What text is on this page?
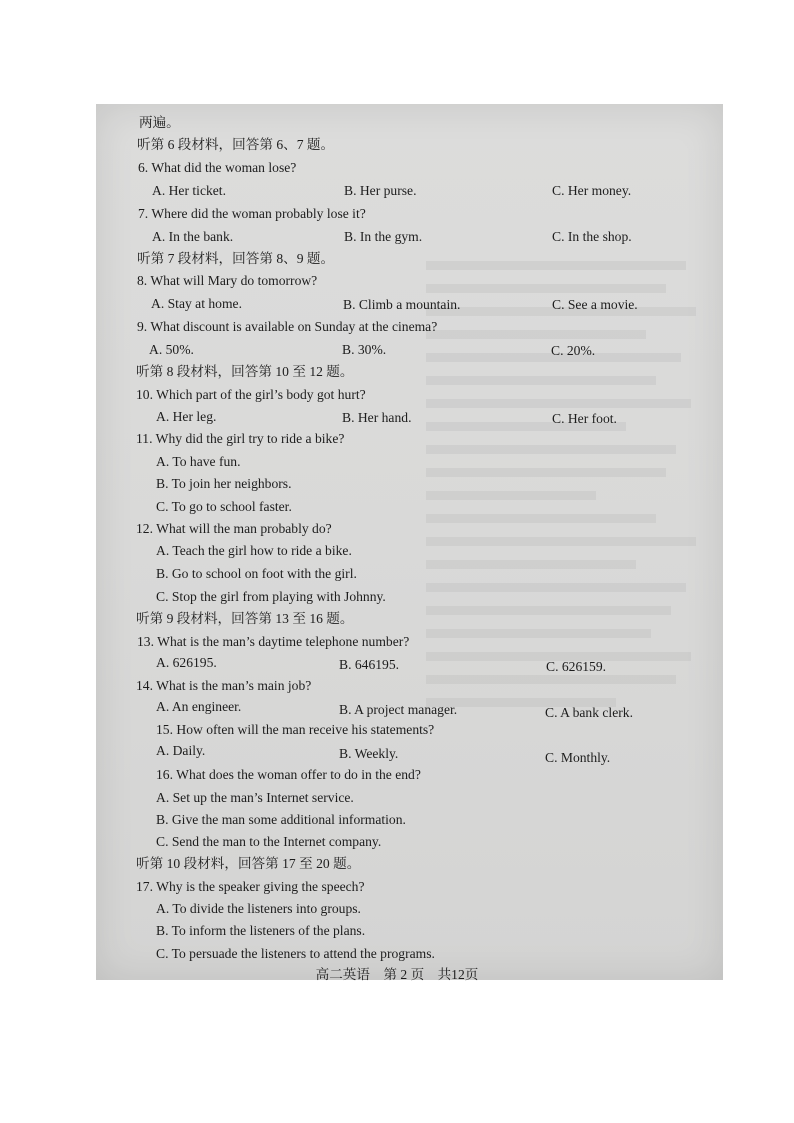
两遍。
听第 6 段材料，回答第 6、7 题。
6. What did the woman lose?
A. Her ticket.	B. Her purse.	C. Her money.
7. Where did the woman probably lose it?
A. In the bank.	B. In the gym.	C. In the shop.
听第 7 段材料，回答第 8、9 题。
8. What will Mary do tomorrow?
A. Stay at home.	B. Climb a mountain.	C. See a movie.
9. What discount is available on Sunday at the cinema?
A. 50%.	B. 30%.	C. 20%.
听第 8 段材料，回答第 10 至 12 题。
10. Which part of the girl’s body got hurt?
A. Her leg.	B. Her hand.	C. Her foot.
11. Why did the girl try to ride a bike?
A. To have fun.
B. To join her neighbors.
C. To go to school faster.
12. What will the man probably do?
A. Teach the girl how to ride a bike.
B. Go to school on foot with the girl.
C. Stop the girl from playing with Johnny.
听第 9 段材料，回答第 13 至 16 题。
13. What is the man’s daytime telephone number?
A. 626195.	B. 646195.	C. 626159.
14. What is the man’s main job?
A. An engineer.	B. A project manager.	C. A bank clerk.
15. How often will the man receive his statements?
A. Daily.	B. Weekly.	C. Monthly.
16. What does the woman offer to do in the end?
A. Set up the man’s Internet service.
B. Give the man some additional information.
C. Send the man to the Internet company.
听第 10 段材料，回答第 17 至 20 题。
17. Why is the speaker giving the speech?
A. To divide the listeners into groups.
B. To inform the listeners of the plans.
C. To persuade the listeners to attend the programs.
高二英语 第 2 页 共12页
